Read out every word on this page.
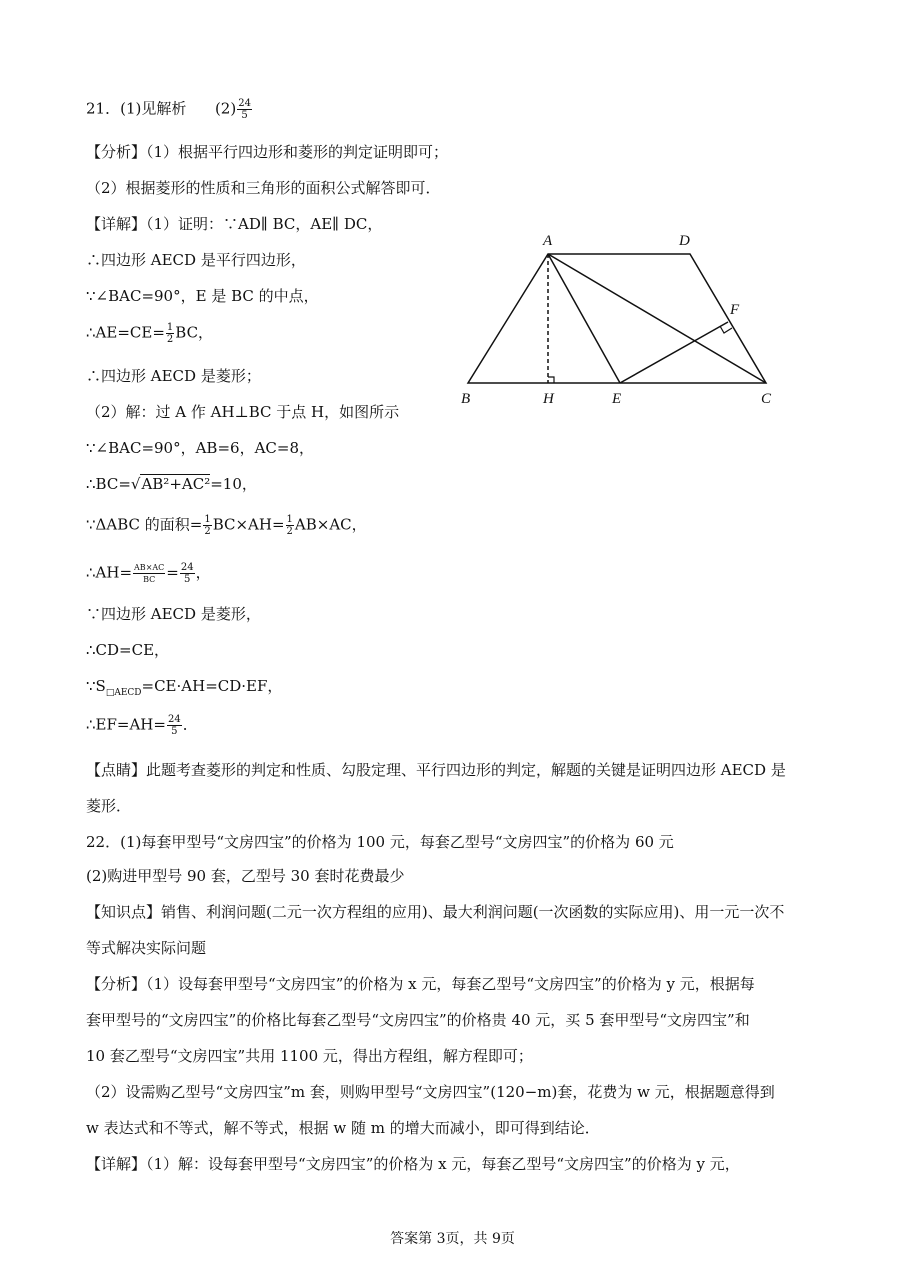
21．(1)见解析 $(2) \frac{24}{5}$
【分析】（1）根据平行四边形和菱形的判定证明即可；
（2）根据菱形的性质和三角形的面积公式解答即可．
【详解】（1）证明：∵AD∥ BC，AE∥ DC，
∴四边形 AECD 是平行四边形，
∵∠BAC=90°，E 是 BC 的中点，
∴AE=CE= $\frac{1}{2}$ BC，
∴四边形 AECD 是菱形；
（2）解：过 A 作 AH⊥BC 于点 H，如图所示
∵∠BAC=90°，AB=6，AC=8，
∴BC=√AB²+AC²=10，
∵ΔABC 的面积= $\frac{1}{2} BC\times AH= \frac{1}{2} AB\times AC$，
∴AH= $\frac{AB\times AC}{BC} = \frac{24}{5}$ ，
∵四边形 AECD 是菱形，
∴CD=CE，
$\because S_{□AECD}=CE\cdot AH=CD\cdot EF$，
∴EF=AH= $\frac{24}{5}$ ．
【点睛】此题考查菱形的判定和性质、勾股定理、平行四边形的判定，解题的关键是证明四边形 AECD 是
菱形．
A	D
F
B	H	E	C
22．(1)每套甲型号“文房四宝”的价格为 100 元，每套乙型号“文房四宝”的价格为 60 元
(2)购进甲型号 90 套，乙型号 30 套时花费最少
【知识点】销售、利润问题(二元一次方程组的应用)、最大利润问题(一次函数的实际应用)、用一元一次不
等式解决实际问题
【分析】（1）设每套甲型号“文房四宝”的价格为 x 元，每套乙型号“文房四宝”的价格为 y 元，根据每
套甲型号的“文房四宝”的价格比每套乙型号“文房四宝”的价格贵 40 元，买 5 套甲型号“文房四宝”和
10 套乙型号“文房四宝”共用 1100 元，得出方程组，解方程即可；
（2）设需购乙型号“文房四宝”m 套，则购甲型号“文房四宝”(120−m)套，花费为 w 元，根据题意得到
w 表达式和不等式，解不等式，根据 w 随 m 的增大而减小，即可得到结论．
【详解】（1）解：设每套甲型号“文房四宝”的价格为 x 元，每套乙型号“文房四宝”的价格为 y 元，
答案第 3页，共 9页
